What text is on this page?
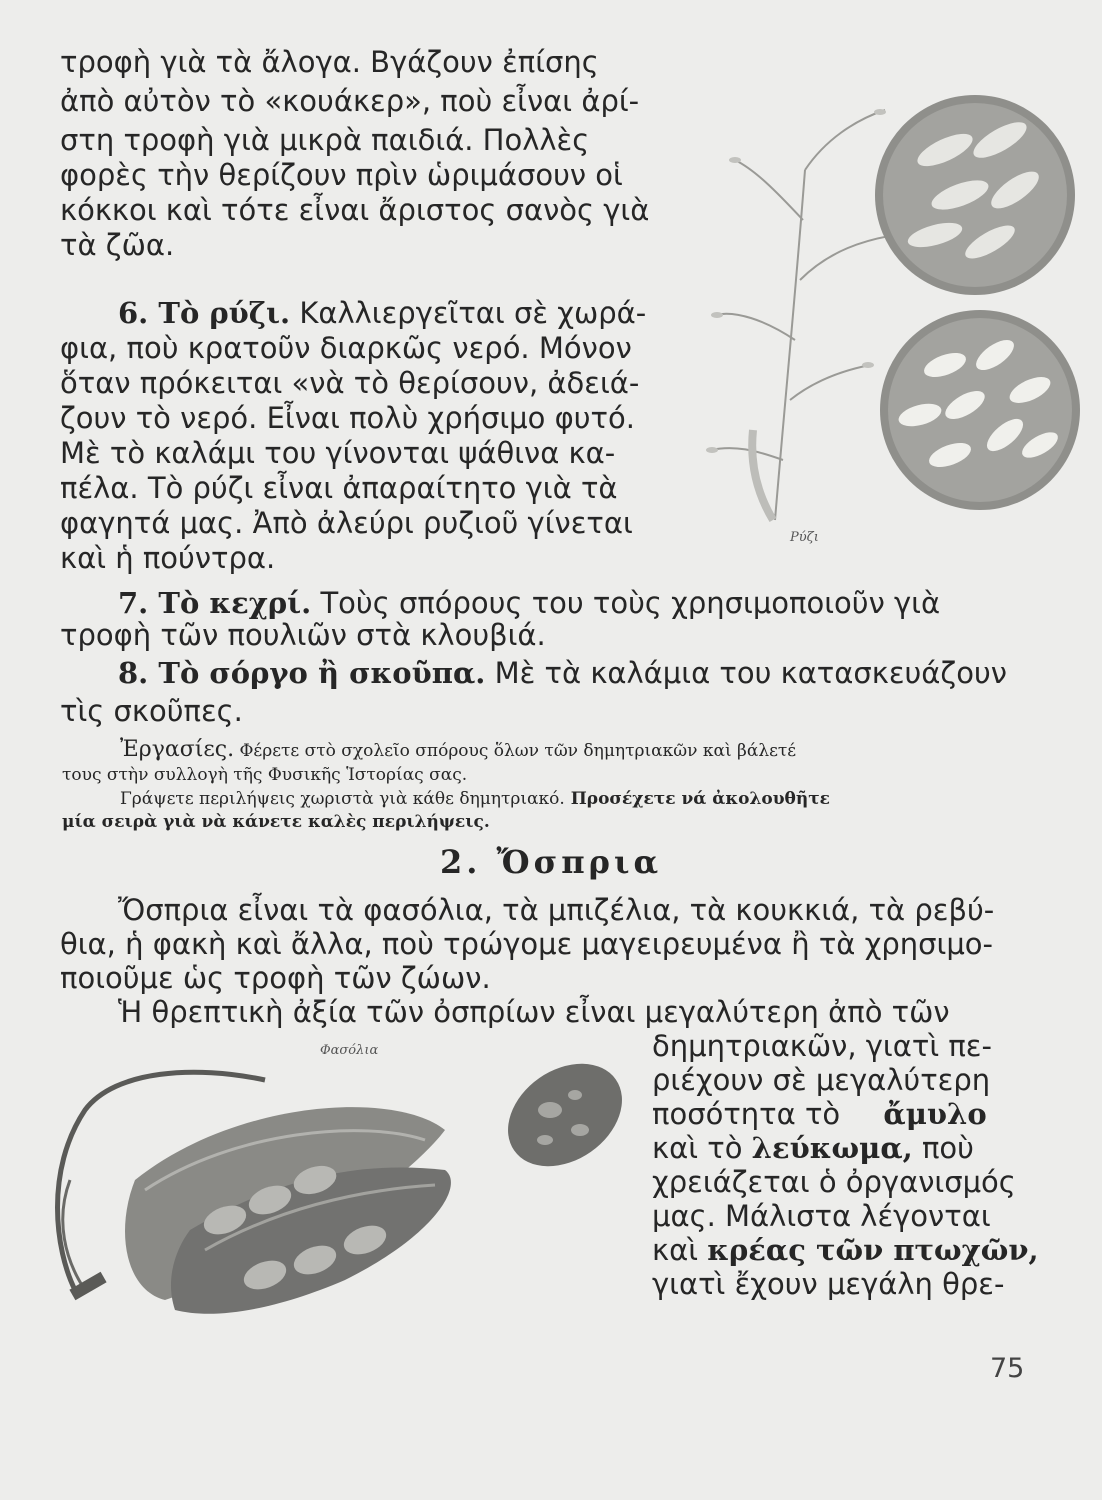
τροφὴ γιὰ τὰ ἄλογα. Βγάζουν ἐπίσης
ἀπὸ αὐτὸν τὸ «κουάκερ», ποὺ εἶναι ἀρί-
στη τροφὴ γιὰ μικρὰ παιδιά. Πολλὲς
φορὲς τὴν θερίζουν πρὶν ὡριμάσουν οἱ
κόκκοι καὶ τότε εἶναι ἄριστος σανὸς γιὰ
τὰ ζῶα.
6. Τὸ ρύζι. Καλλιεργεῖται σὲ χωρά-
φια, ποὺ κρατοῦν διαρκῶς νερό. Μόνον
ὅταν πρόκειται «νὰ τὸ θερίσουν, ἀδειά-
ζουν τὸ νερό. Εἶναι πολὺ χρήσιμο φυτό.
Μὲ τὸ καλάμι του γίνονται ψάθινα κα-
πέλα. Τὸ ρύζι εἶναι ἀπαραίτητο γιὰ τὰ
φαγητά μας. Ἀπὸ ἀλεύρι ρυζιοῦ γίνεται
καὶ ἡ πούντρα.
Ρύζι
7. Τὸ κεχρί. Τοὺς σπόρους του τοὺς χρησιμοποιοῦν γιὰ
τροφὴ τῶν πουλιῶν στὰ κλουβιά.
8. Τὸ σόργο ἢ σκοῦπα. Μὲ τὰ καλάμια του κατασκευάζουν
τὶς σκοῦπες.
Ἐργασίες. Φέρετε στὸ σχολεῖο σπόρους ὅλων τῶν δημητριακῶν καὶ βάλετέ
τους στὴν συλλογὴ τῆς Φυσικῆς Ἱστορίας σας.
Γράψετε περιλήψεις χωριστὰ γιὰ κάθε δημητριακό. Προσέχετε νά ἀκολουθῆτε
μία σειρὰ γιὰ νὰ κάνετε καλὲς περιλήψεις.
2. Ὄσπρια
Ὄσπρια εἶναι τὰ φασόλια, τὰ μπιζέλια, τὰ κουκκιά, τὰ ρεβύ-
θια, ἡ φακὴ καὶ ἄλλα, ποὺ τρώγομε μαγειρευμένα ἢ τὰ χρησιμο-
ποιοῦμε ὡς τροφὴ τῶν ζώων.
Ἡ θρεπτικὴ ἀξία τῶν ὀσπρίων εἶναι μεγαλύτερη ἀπὸ τῶν
δημητριακῶν, γιατὶ πε-
ριέχουν σὲ μεγαλύτερη
ποσότητα τὸ ἄμυλο
καὶ τὸ λεύκωμα, ποὺ
χρειάζεται ὁ ὀργανισμός
μας. Μάλιστα λέγονται
καὶ κρέας τῶν πτωχῶν,
γιατὶ ἔχουν μεγάλη θρε-
Φασόλια
75
